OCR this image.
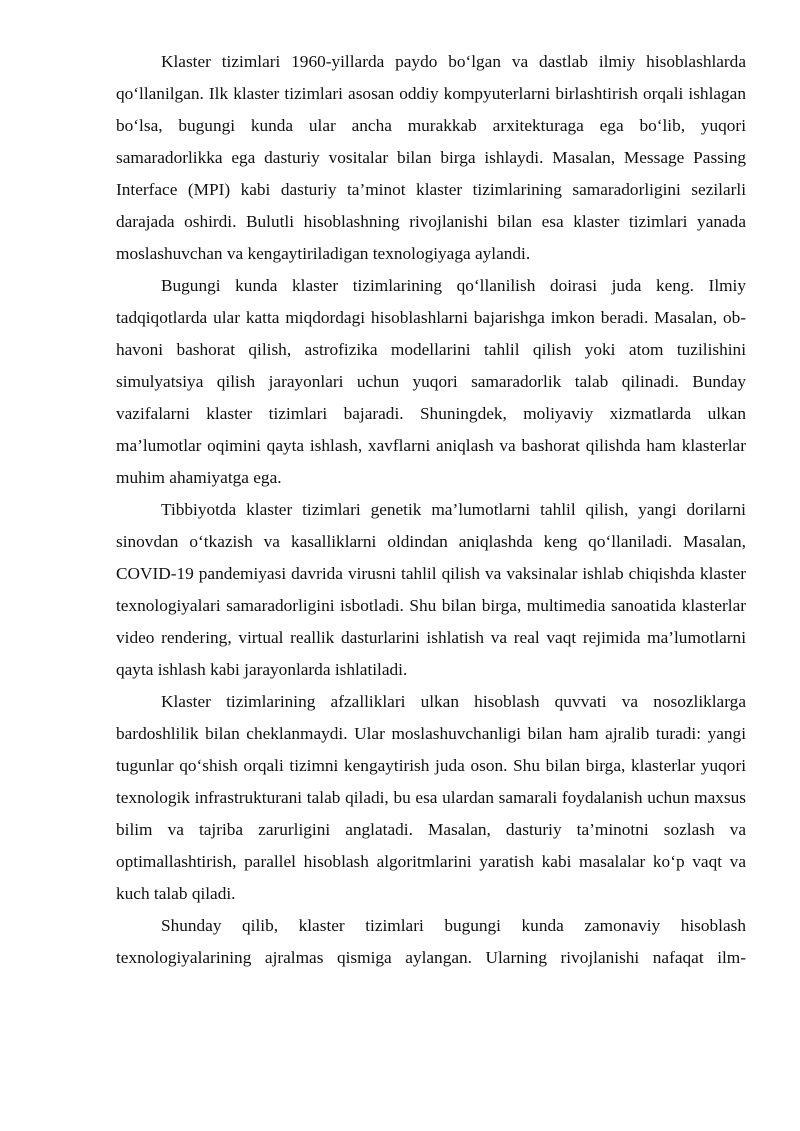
Klaster tizimlari 1960-yillarda paydo bo‘lgan va dastlab ilmiy hisoblashlarda qo‘llanilgan. Ilk klaster tizimlari asosan oddiy kompyuterlarni birlashtirish orqali ishlagan bo‘lsa, bugungi kunda ular ancha murakkab arxitekturaga ega bo‘lib, yuqori samaradorlikka ega dasturiy vositalar bilan birga ishlaydi. Masalan, Message Passing Interface (MPI) kabi dasturiy ta’minot klaster tizimlarining samaradorligini sezilarli darajada oshirdi. Bulutli hisoblashning rivojlanishi bilan esa klaster tizimlari yanada moslashuvchan va kengaytiriladigan texnologiyaga aylandi.

Bugungi kunda klaster tizimlarining qo‘llanilish doirasi juda keng. Ilmiy tadqiqotlarda ular katta miqdordagi hisoblashlarni bajarishga imkon beradi. Masalan, ob-havoni bashorat qilish, astrofizika modellarini tahlil qilish yoki atom tuzilishini simulyatsiya qilish jarayonlari uchun yuqori samaradorlik talab qilinadi. Bunday vazifalarni klaster tizimlari bajaradi. Shuningdek, moliyaviy xizmatlarda ulkan ma’lumotlar oqimini qayta ishlash, xavflarni aniqlash va bashorat qilishda ham klasterlar muhim ahamiyatga ega.

Tibbiyotda klaster tizimlari genetik ma’lumotlarni tahlil qilish, yangi dorilarni sinovdan o‘tkazish va kasalliklarni oldindan aniqlashda keng qo‘llaniladi. Masalan, COVID-19 pandemiyasi davrida virusni tahlil qilish va vaksinalar ishlab chiqishda klaster texnologiyalari samaradorligini isbotladi. Shu bilan birga, multimedia sanoatida klasterlar video rendering, virtual reallik dasturlarini ishlatish va real vaqt rejimida ma’lumotlarni qayta ishlash kabi jarayonlarda ishlatiladi.

Klaster tizimlarining afzalliklari ulkan hisoblash quvvati va nosozliklarga bardoshlilik bilan cheklanmaydi. Ular moslashuvchanligi bilan ham ajralib turadi: yangi tugunlar qo‘shish orqali tizimni kengaytirish juda oson. Shu bilan birga, klasterlar yuqori texnologik infrastrukturani talab qiladi, bu esa ulardan samarali foydalanish uchun maxsus bilim va tajriba zarurligini anglatadi. Masalan, dasturiy ta’minotni sozlash va optimallashtirish, parallel hisoblash algoritmlarini yaratish kabi masalalar ko‘p vaqt va kuch talab qiladi.

Shunday qilib, klaster tizimlari bugungi kunda zamonaviy hisoblash texnologiyalarining ajralmas qismiga aylangan. Ularning rivojlanishi nafaqat ilm-
